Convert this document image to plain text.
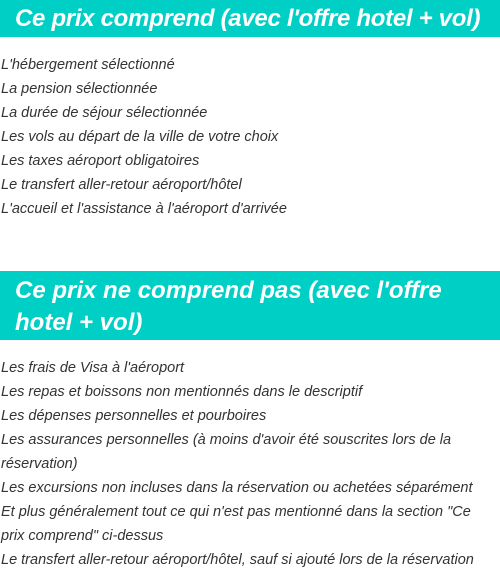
Ce prix comprend (avec l'offre hotel + vol)
L'hébergement sélectionné
La pension sélectionnée
La durée de séjour sélectionnée
Les vols au départ de la ville de votre choix
Les taxes aéroport obligatoires
Le transfert aller-retour aéroport/hôtel
L'accueil et l'assistance à l'aéroport d'arrivée
Ce prix ne comprend pas (avec l'offre hotel + vol)
Les frais de Visa à l'aéroport
Les repas et boissons non mentionnés dans le descriptif
Les dépenses personnelles et pourboires
Les assurances personnelles (à moins d'avoir été souscrites lors de la réservation)
Les excursions non incluses dans la réservation ou achetées séparément
Et plus généralement tout ce qui n'est pas mentionné dans la section "Ce prix comprend" ci-dessus
Le transfert aller-retour aéroport/hôtel, sauf si ajouté lors de la réservation
